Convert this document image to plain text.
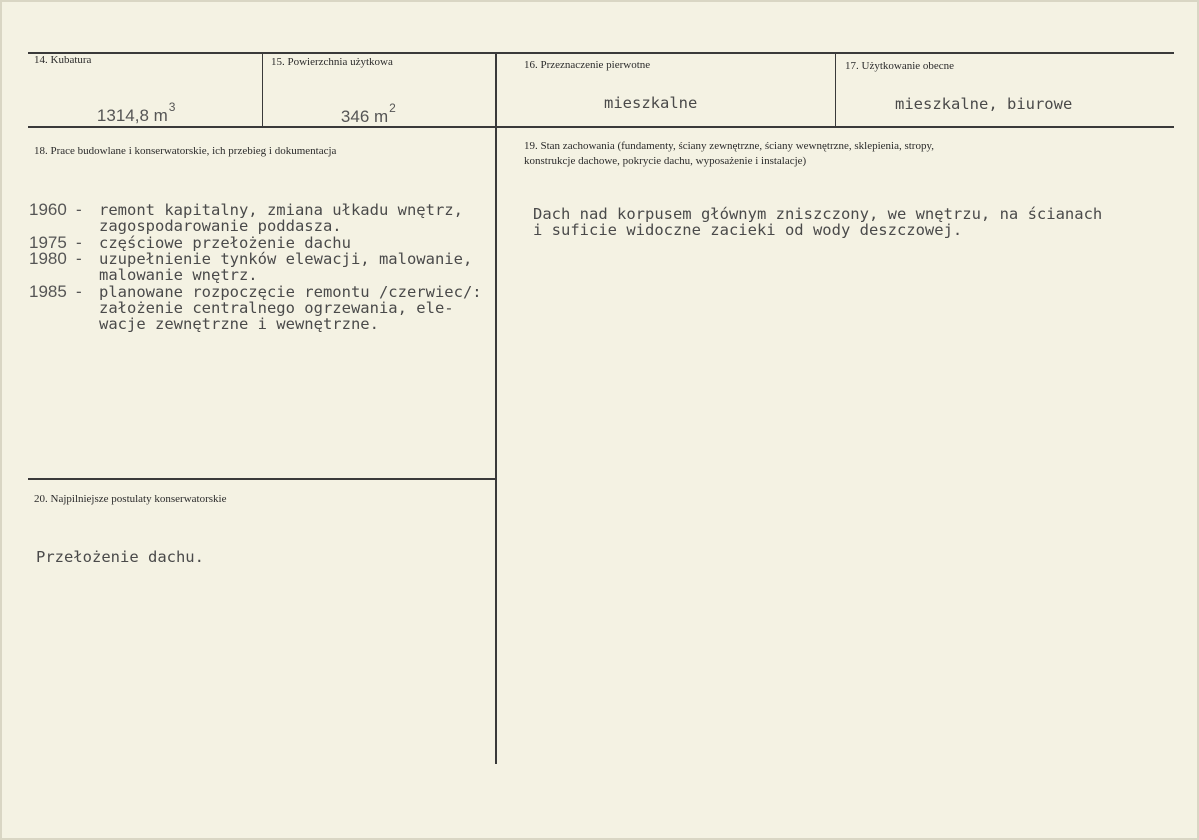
14. Kubatura

1314,8 $m^3$

15. Powierzchnia użytkowa

346 $m^2$

16. Przeznaczenie pierwotne
mieszkalne
17. Użytkowanie obecne
mieszkalne, biurowe
18. Prace budowlane i konserwatorskie, ich przebieg i dokumentacja
1960 - remont kapitalny, zmiana ułkadu wnętrz,
zagospodarowanie poddasza.
1975 - częściowe przełożenie dachu
1980 - uzupełnienie tynków elewacji, malowanie,
malowanie wnętrz.
1985 - planowane rozpoczęcie remontu /czerwiec/:
założenie centralnego ogrzewania, ele-
wacje zewnętrzne i wewnętrzne.
19. Stan zachowania (fundamenty, ściany zewnętrzne, ściany wewnętrzne, sklepienia, stropy,
konstrukcje dachowe, pokrycie dachu, wyposażenie i instalacje)
Dach nad korpusem głównym zniszczony, we wnętrzu, na ścianach
i suficie widoczne zacieki od wody deszczowej.
20. Najpilniejsze postulaty konserwatorskie
Przełożenie dachu.
